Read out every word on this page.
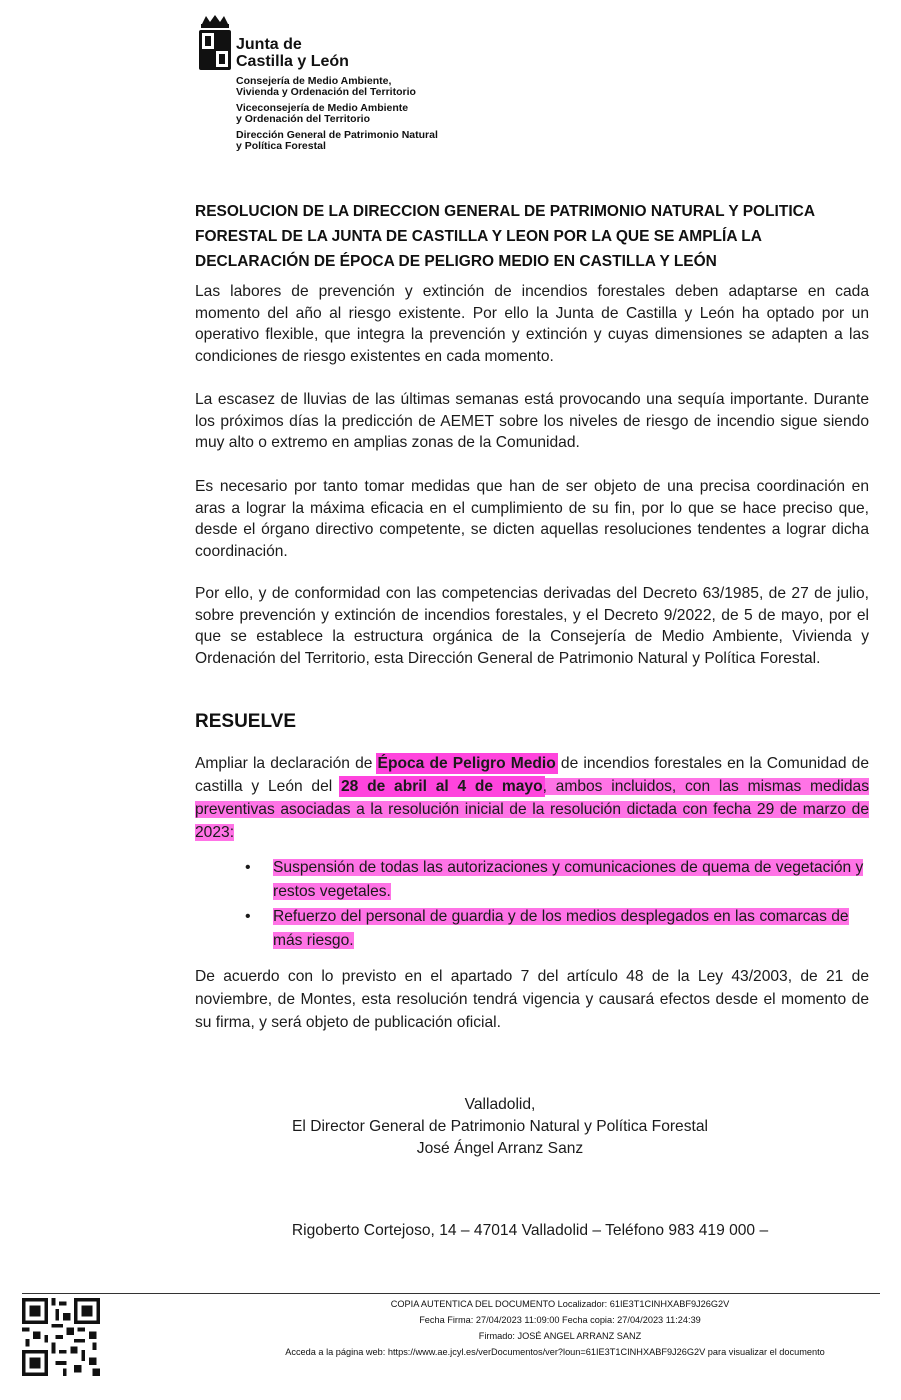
Junta de
Castilla y León
Consejería de Medio Ambiente,
Vivienda y Ordenación del Territorio
Viceconsejería de Medio Ambiente
y Ordenación del Territorio
Dirección General de Patrimonio Natural
y Política Forestal
RESOLUCION DE LA DIRECCION GENERAL DE PATRIMONIO NATURAL Y POLITICA FORESTAL DE LA JUNTA DE CASTILLA Y LEON POR LA QUE SE AMPLÍA LA DECLARACIÓN DE ÉPOCA DE PELIGRO MEDIO EN CASTILLA Y LEÓN
Las labores de prevención y extinción de incendios forestales deben adaptarse en cada momento del año al riesgo existente. Por ello la Junta de Castilla y León ha optado por un operativo flexible, que integra la prevención y extinción y cuyas dimensiones se adapten a las condiciones de riesgo existentes en cada momento.
La escasez de lluvias de las últimas semanas está provocando una sequía importante. Durante los próximos días la predicción de AEMET sobre los niveles de riesgo de incendio sigue siendo muy alto o extremo en amplias zonas de la Comunidad.
Es necesario por tanto tomar medidas que han de ser objeto de una precisa coordinación en aras a lograr la máxima eficacia en el cumplimiento de su fin, por lo que se hace preciso que, desde el órgano directivo competente, se dicten aquellas resoluciones tendentes a lograr dicha coordinación.
Por ello, y de conformidad con las competencias derivadas del Decreto 63/1985, de 27 de julio, sobre prevención y extinción de incendios forestales, y el Decreto 9/2022, de 5 de mayo, por el que se establece la estructura orgánica de la Consejería de Medio Ambiente, Vivienda y Ordenación del Territorio, esta Dirección General de Patrimonio Natural y Política Forestal.
RESUELVE
Ampliar la declaración de Época de Peligro Medio de incendios forestales en la Comunidad de castilla y León del 28 de abril al 4 de mayo, ambos incluidos, con las mismas medidas preventivas asociadas a la resolución inicial de la resolución dictada con fecha 29 de marzo de 2023:
• Suspensión de todas las autorizaciones y comunicaciones de quema de vegetación y restos vegetales.
• Refuerzo del personal de guardia y de los medios desplegados en las comarcas de más riesgo.
De acuerdo con lo previsto en el apartado 7 del artículo 48 de la Ley 43/2003, de 21 de noviembre, de Montes, esta resolución tendrá vigencia y causará efectos desde el momento de su firma, y será objeto de publicación oficial.
Valladolid,
El Director General de Patrimonio Natural y Política Forestal
José Ángel Arranz Sanz
Rigoberto Cortejoso, 14 – 47014 Valladolid – Teléfono 983 419 000 –
COPIA AUTENTICA DEL DOCUMENTO Localizador: 61IE3T1CINHXABF9J26G2V
Fecha Firma: 27/04/2023 11:09:00 Fecha copia: 27/04/2023 11:24:39
Firmado: JOSÉ ANGEL ARRANZ SANZ
Acceda a la página web: https://www.ae.jcyl.es/verDocumentos/ver?loun=61IE3T1CINHXABF9J26G2V para visualizar el documento
